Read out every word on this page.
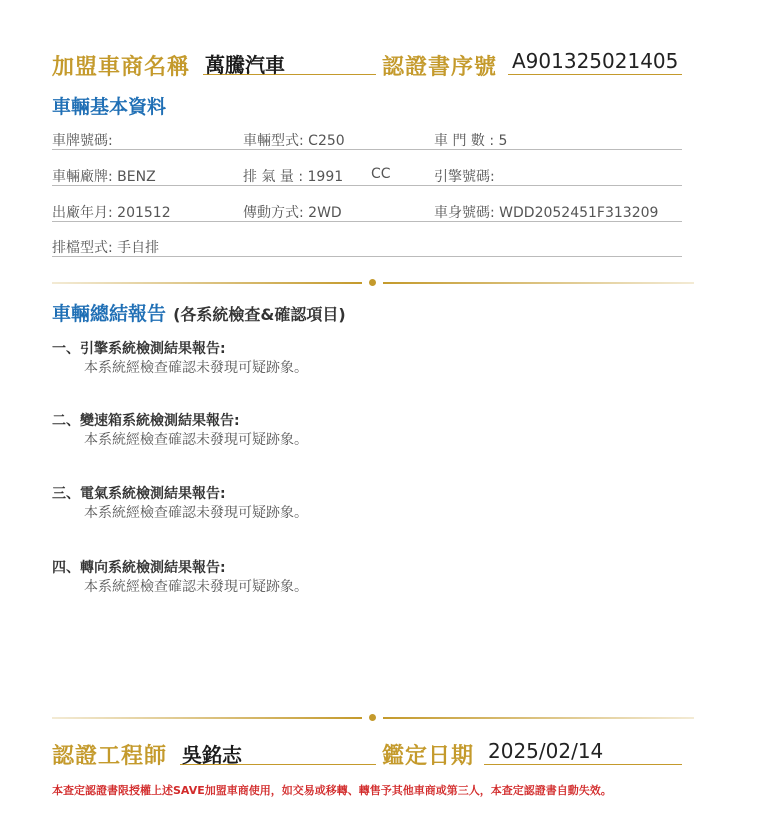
加盟車商名稱 萬騰汽車	認證書序號 A901325021405
車輛基本資料
車牌號碼:	車輛型式: C250	車 門 數 : 5
車輛廠牌: BENZ	排 氣 量 : 1991 CC	引擎號碼:
出廠年月: 201512	傳動方式: 2WD	車身號碼: WDD2052451F313209
排檔型式: 手自排
車輛總結報告 (各系統檢查&確認項目)
一、引擎系統檢測結果報告:
本系統經檢查確認未發現可疑跡象。
二、變速箱系統檢測結果報告:
本系統經檢查確認未發現可疑跡象。
三、電氣系統檢測結果報告:
本系統經檢查確認未發現可疑跡象。
四、轉向系統檢測結果報告:
本系統經檢查確認未發現可疑跡象。
認證工程師 吳銘志	鑑定日期 2025/02/14
本查定認證書限授權上述SAVE加盟車商使用，如交易或移轉、轉售予其他車商或第三人，本查定認證書自動失效。
